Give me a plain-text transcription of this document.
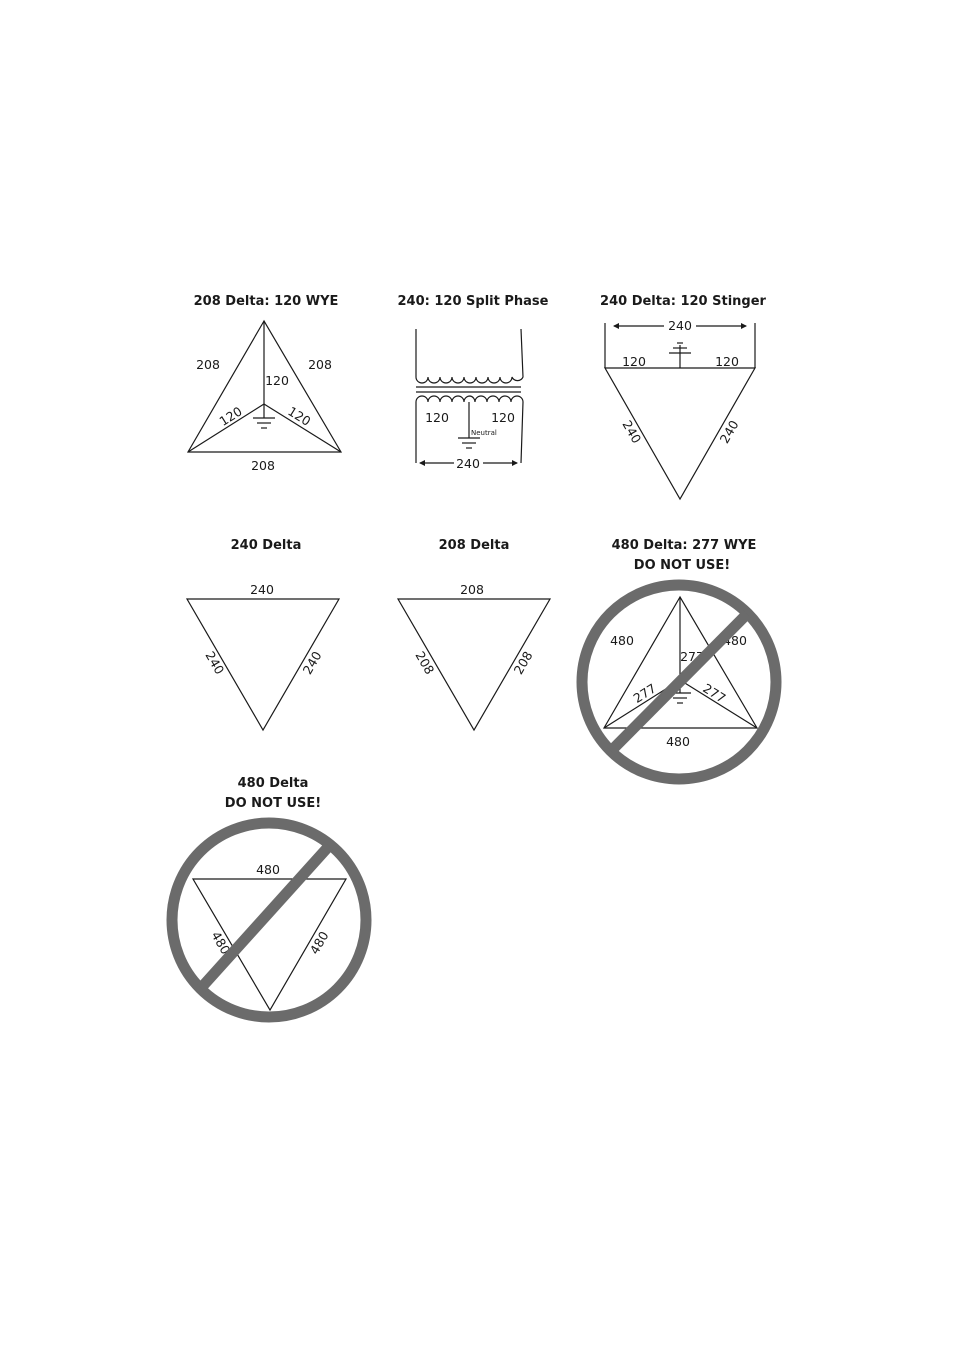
208 Delta: 120 WYE
208	208
208
120
120	120
240: 120 Split Phase
Neutral
120	120
240
240 Delta: 120 Stinger
240
120	120
240	240
240 Delta
240
240	240
208 Delta
208
208	208
480 Delta: 277 WYE
DO NOT USE!
480	480
480
277
277	277
480 Delta
DO NOT USE!
480
480	480
